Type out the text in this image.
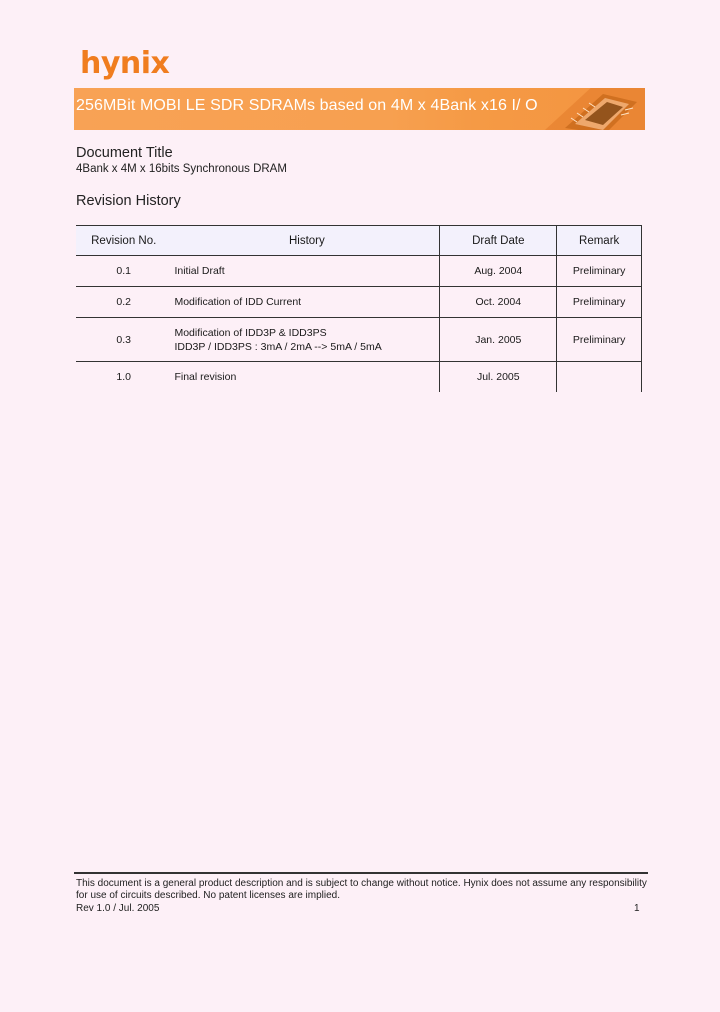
hynix
256MBit MOBI LE SDR SDRAMs based on 4M x 4Bank x16 I/ O
Document Title
4Bank x 4M x 16bits Synchronous DRAM
Revision History
Revision No.	History	Draft Date	Remark
0.1	Initial Draft	Aug. 2004	Preliminary
0.2	Modification of IDD Current	Oct. 2004	Preliminary
0.3	Modification of IDD3P & IDD3PS
IDD3P / IDD3PS : 3mA / 2mA --> 5mA / 5mA	Jan. 2005	Preliminary
1.0	Final revision	Jul. 2005	
This document is a general product description and is subject to change without notice. Hynix does not assume any responsibility for use of circuits described. No patent licenses are implied.
Rev 1.0 / Jul. 2005	1
